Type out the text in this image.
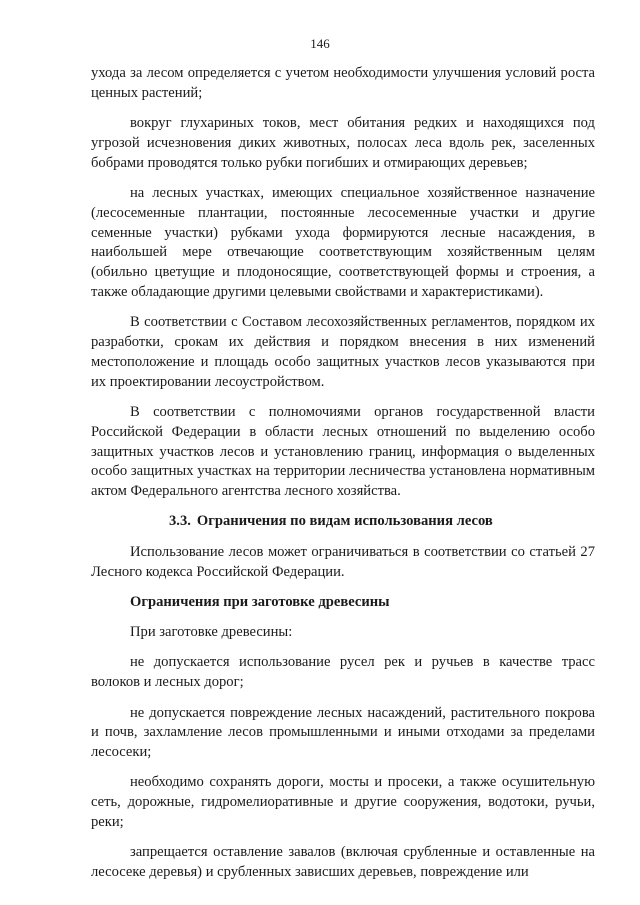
146

ухода за лесом определяется с учетом необходимости улучшения условий роста ценных растений;

вокруг глухариных токов, мест обитания редких и находящихся под угрозой исчезновения диких животных, полосах леса вдоль рек, заселенных бобрами проводятся только рубки погибших и отмирающих деревьев;

на лесных участках, имеющих специальное хозяйственное назначение (лесосеменные плантации, постоянные лесосеменные участки и другие семенные участки) рубками ухода формируются лесные насаждения, в наибольшей мере отвечающие соответствующим хозяйственным целям (обильно цветущие и плодоносящие, соответствующей формы и строения, а также обладающие другими целевыми свойствами и характеристиками).

В соответствии с Составом лесохозяйственных регламентов, порядком их разработки, срокам их действия и порядком внесения в них изменений местоположение и площадь особо защитных участков лесов указываются при их проектировании лесоустройством.

В соответствии с полномочиями органов государственной власти Российской Федерации в области лесных отношений по выделению особо защитных участков лесов и установлению границ, информация о выделенных особо защитных участках на территории лесничества установлена нормативным актом Федерального агентства лесного хозяйства.

3.3. Ограничения по видам использования лесов

Использование лесов может ограничиваться в соответствии со статьей 27 Лесного кодекса Российской Федерации.

Ограничения при заготовке древесины

При заготовке древесины:

не допускается использование русел рек и ручьев в качестве трасс волоков и лесных дорог;

не допускается повреждение лесных насаждений, растительного покрова и почв, захламление лесов промышленными и иными отходами за пределами лесосеки;

необходимо сохранять дороги, мосты и просеки, а также осушительную сеть, дорожные, гидромелиоративные и другие сооружения, водотоки, ручьи, реки;

запрещается оставление завалов (включая срубленные и оставленные на лесосеке деревья) и срубленных зависших деревьев, повреждение или
